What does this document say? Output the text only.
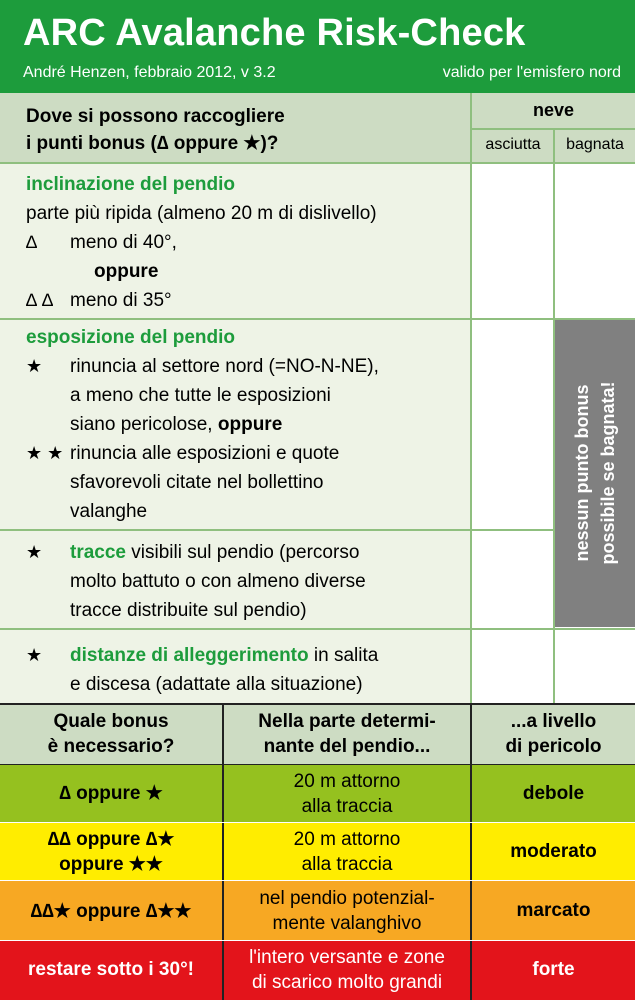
ARC Avalanche Risk-Check
André Henzen, febbraio 2012, v 3.2	valido per l'emisfero nord
Dove si possono raccogliere
i punti bonus (∆ oppure ★)?
neve
asciutta	bagnata
inclinazione del pendio
parte più ripida (almeno 20 m di dislivello)
∆ meno di 40°,
oppure
∆ ∆ meno di 35°
esposizione del pendio
★ rinuncia al settore nord (=NO-N-NE),
a meno che tutte le esposizioni
siano pericolose, oppure
★ ★ rinuncia alle esposizioni e quote
sfavorevoli citate nel bollettino
valanghe
★ tracce visibili sul pendio (percorso
molto battuto o con almeno diverse
tracce distribuite sul pendio)
★ distanze di alleggerimento in salita
e discesa (adattate alla situazione)
nessun punto bonus possibile se bagnata!
Quale bonus
è necessario?
Nella parte determi-
nante del pendio...
...a livello
di pericolo
∆ oppure ★
20 m attorno
alla traccia
debole
∆∆ oppure ∆★
oppure ★★
20 m attorno
alla traccia
moderato
∆∆★ oppure ∆★★
nel pendio potenzial-
mente valanghivo
marcato
restare sotto i 30°!
l'intero versante e zone
di scarico molto grandi
forte
